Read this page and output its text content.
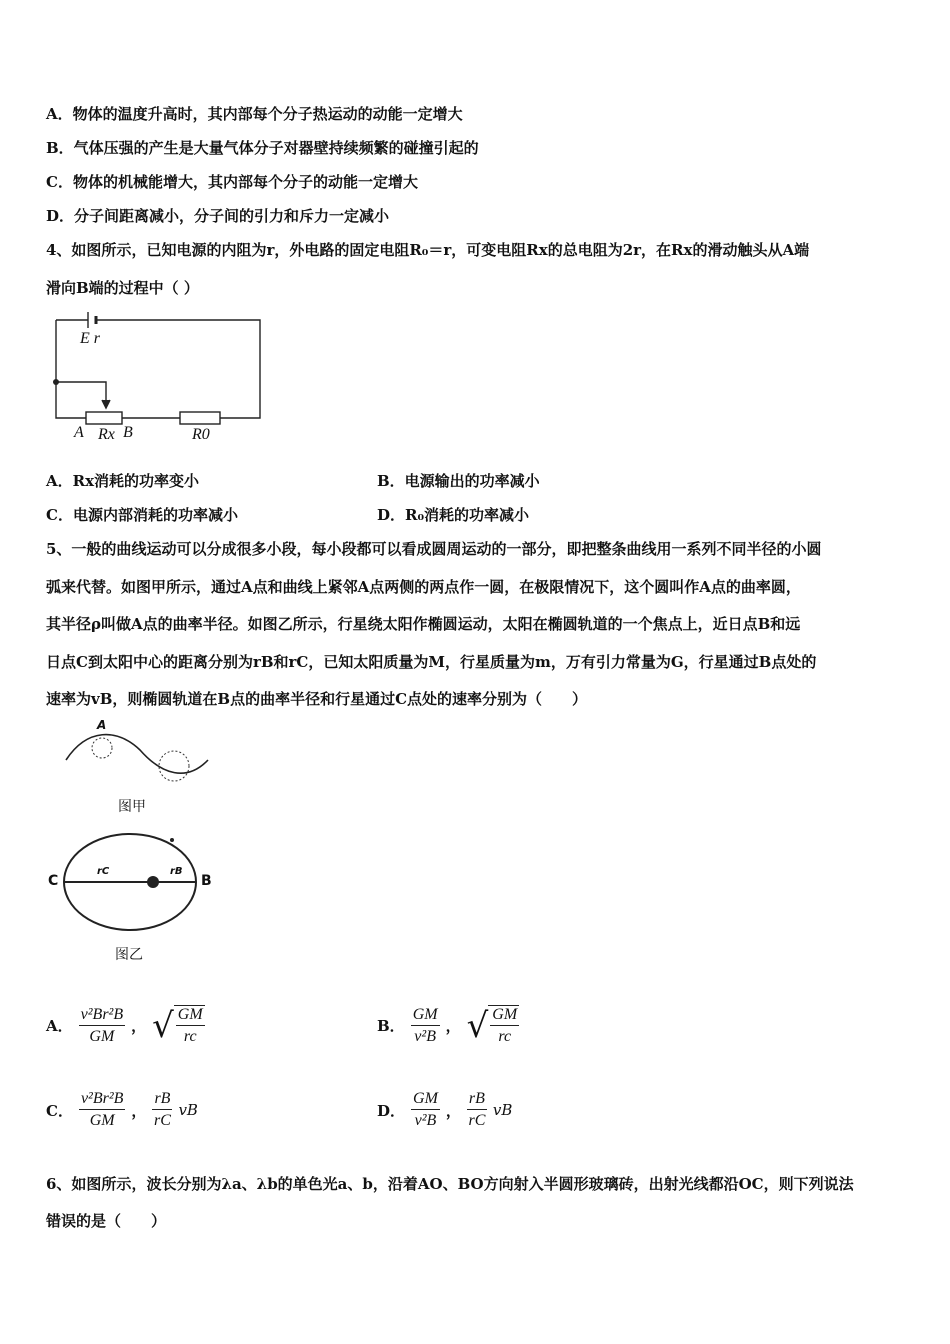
A．物体的温度升高时，其内部每个分子热运动的动能一定增大
B．气体压强的产生是大量气体分子对器壁持续频繁的碰撞引起的
C．物体的机械能增大，其内部每个分子的动能一定增大
D．分子间距离减小，分子间的引力和斥力一定减小
4、如图所示，已知电源的内阻为r，外电路的固定电阻R₀＝r，可变电阻Rx的总电阻为2r，在Rx的滑动触头从A端
滑向B端的过程中（ ）
E r
A Rx B	R0
A．Rx消耗的功率变小	B．电源输出的功率减小
C．电源内部消耗的功率减小	D．R₀消耗的功率减小
5、一般的曲线运动可以分成很多小段，每小段都可以看成圆周运动的一部分，即把整条曲线用一系列不同半径的小圆
弧来代替。如图甲所示，通过A点和曲线上紧邻A点两侧的两点作一圆，在极限情况下，这个圆叫作A点的曲率圆，
其半径ρ叫做A点的曲率半径。如图乙所示，行星绕太阳作椭圆运动，太阳在椭圆轨道的一个焦点上，近日点B和远
日点C到太阳中心的距离分别为rB和rC，已知太阳质量为M，行星质量为m，万有引力常量为G，行星通过B点处的
速率为vB，则椭圆轨道在B点的曲率半径和行星通过C点处的速率分别为（　　）
A
图甲
C	B
rC	rB
图乙
A． $\frac{\text{v²Br²B}}{GM}$ ， √ $\frac{GM}{rc}$	B． $\frac{GM}{\text{v²B}}$ ， √ $\frac{GM}{rc}$
C． $\frac{\text{v²Br²B}}{GM}$ ， $\frac{rB}{rC}$ vB	D． $\frac{GM}{\text{v²B}}$ ， $\frac{rB}{rC}$ vB
6、如图所示，波长分别为λa、λb的单色光a、b，沿着AO、BO方向射入半圆形玻璃砖，出射光线都沿OC，则下列说法
错误的是（　　）
